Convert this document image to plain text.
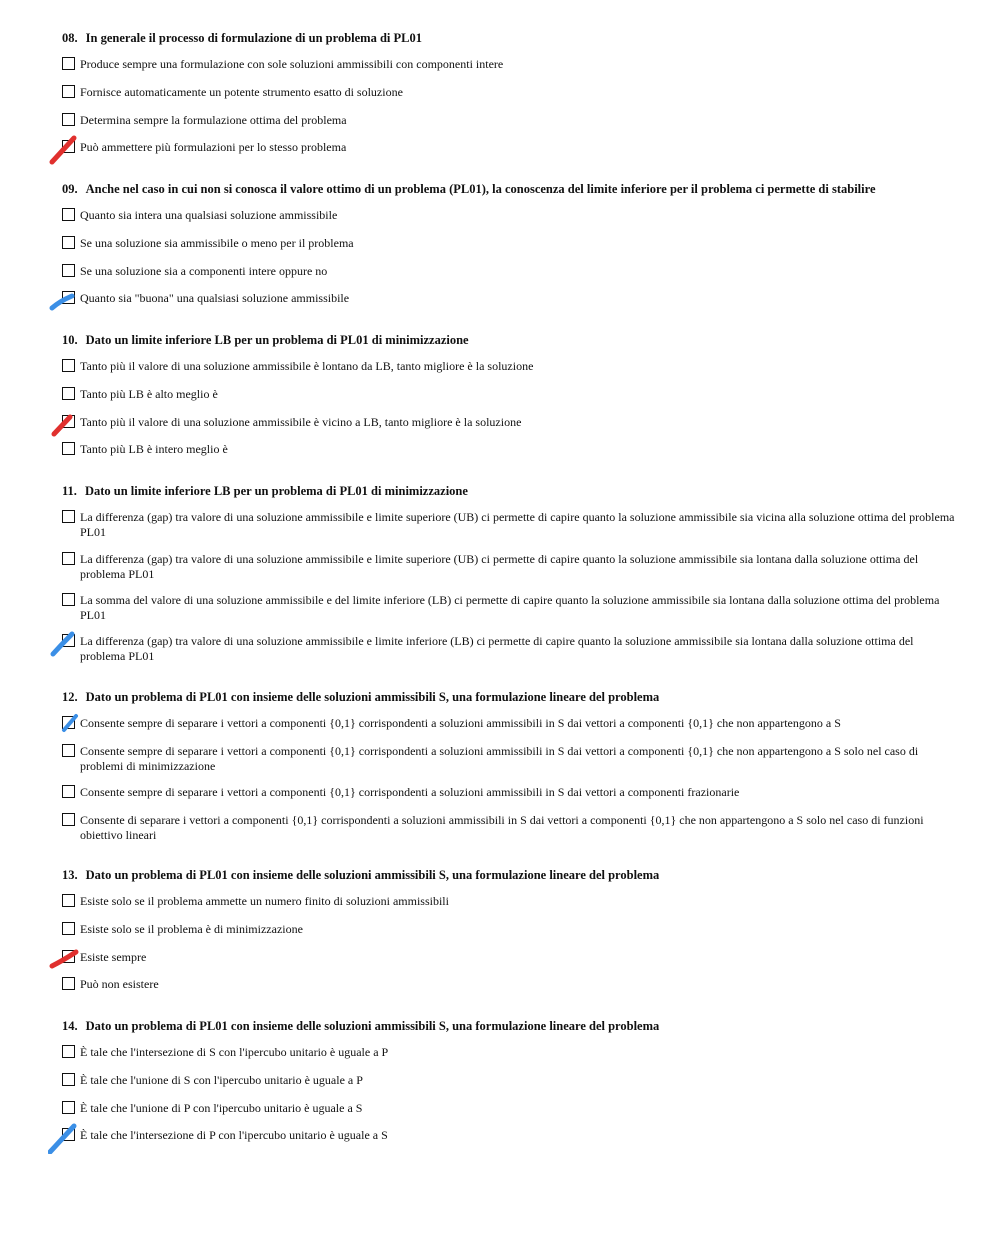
08. In generale il processo di formulazione di un problema di PL01
Produce sempre una formulazione con sole soluzioni ammissibili con componenti intere
Fornisce automaticamente un potente strumento esatto di soluzione
Determina sempre la formulazione ottima del problema
Può ammettere più formulazioni per lo stesso problema
09. Anche nel caso in cui non si conosca il valore ottimo di un problema (PL01), la conoscenza del limite inferiore per il problema ci permette di stabilire
Quanto sia intera una qualsiasi soluzione ammissibile
Se una soluzione sia ammissibile o meno per il problema
Se una soluzione sia a componenti intere oppure no
Quanto sia "buona" una qualsiasi soluzione ammissibile
10. Dato un limite inferiore LB per un problema di PL01 di minimizzazione
Tanto più il valore di una soluzione ammissibile è lontano da LB, tanto migliore è la soluzione
Tanto più LB è alto meglio è
Tanto più il valore di una soluzione ammissibile è vicino a LB, tanto migliore è la soluzione
Tanto più LB è intero meglio è
11. Dato un limite inferiore LB per un problema di PL01 di minimizzazione
La differenza (gap) tra valore di una soluzione ammissibile e limite superiore (UB) ci permette di capire quanto la soluzione ammissibile sia vicina alla soluzione ottima del problema PL01
La differenza (gap) tra valore di una soluzione ammissibile e limite superiore (UB) ci permette di capire quanto la soluzione ammissibile sia lontana dalla soluzione ottima del problema PL01
La somma del valore di una soluzione ammissibile e del limite inferiore (LB) ci permette di capire quanto la soluzione ammissibile sia lontana dalla soluzione ottima del problema PL01
La differenza (gap) tra valore di una soluzione ammissibile e limite inferiore (LB) ci permette di capire quanto la soluzione ammissibile sia lontana dalla soluzione ottima del problema PL01
12. Dato un problema di PL01 con insieme delle soluzioni ammissibili S, una formulazione lineare del problema
Consente sempre di separare i vettori a componenti {0,1} corrispondenti a soluzioni ammissibili in S dai vettori a componenti {0,1} che non appartengono a S
Consente sempre di separare i vettori a componenti {0,1} corrispondenti a soluzioni ammissibili in S dai vettori a componenti {0,1} che non appartengono a S solo nel caso di problemi di minimizzazione
Consente sempre di separare i vettori a componenti {0,1} corrispondenti a soluzioni ammissibili in S dai vettori a componenti frazionarie
Consente di separare i vettori a componenti {0,1} corrispondenti a soluzioni ammissibili in S dai vettori a componenti {0,1} che non appartengono a S solo nel caso di funzioni obiettivo lineari
13. Dato un problema di PL01 con insieme delle soluzioni ammissibili S, una formulazione lineare del problema
Esiste solo se il problema ammette un numero finito di soluzioni ammissibili
Esiste solo se il problema è di minimizzazione
Esiste sempre
Può non esistere
14. Dato un problema di PL01 con insieme delle soluzioni ammissibili S, una formulazione lineare del problema
È tale che l'intersezione di S con l'ipercubo unitario è uguale a P
È tale che l'unione di S con l'ipercubo unitario è uguale a P
È tale che l'unione di P con l'ipercubo unitario è uguale a S
È tale che l'intersezione di P con l'ipercubo unitario è uguale a S
